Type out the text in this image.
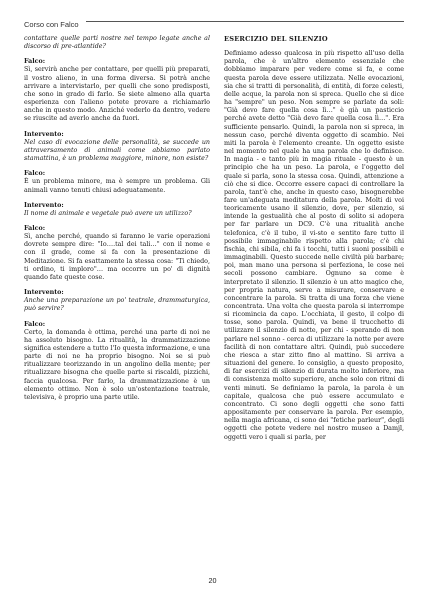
Corso con Falco

contattare quelle parti nostre nel tempo legate anche al discorso di pre-atlantide?

Falco:

Sì, servirà anche per contattare, per quelli più preparati, il vostro alieno, in una forma diversa. Si potrà anche arrivare a intervistarlo, per quelli che sono predisposti, che sono in grado di farlo. Se siete almeno alla quarta esperienza con l'alieno potete provare a richiamarlo anche in questo modo. Anziché vederlo da dentro, vedere se riuscite ad averlo anche da fuori.

Intervento:

Nel caso di evocazione delle personalità, se succede un attraversamento di animali come abbiamo parlato stamattina, è un problema maggiore, minore, non esiste?

Falco:

È un problema minore, ma è sempre un problema. Gli animali vanno tenuti chiusi adeguatamente.

Intervento:

Il nome di animale e vegetale può avere un utilizzo?

Falco:

Sì, anche perché, quando si faranno le varie operazioni dovrete sempre dire: "Io….tal dei tali…" con il nome e con il grade, come si fa con la presentazione di Meditazione. Si fa esattamente la stessa cosa: "Ti chiedo, ti ordino, ti imploro"… ma occorre un po' di dignità quando fate queste cose.

Intervento:

Anche una preparazione un po' teatrale, drammaturgica, può servire?

Falco:

Certo, la domanda è ottima, perché una parte di noi ne ha assoluto bisogno. La ritualità, la drammatizzazione significa estendere a tutto l'Io questa informazione, e una parte di noi ne ha proprio bisogno. Noi se si può ritualizzare teorizzando in un angolino della mente; per ritualizzare bisogna che quelle parte si riscaldi, pizzichi, faccia qualcosa. Per farlo, la drammatizzazione è un elemento ottimo. Non è solo un'ostentazione teatrale, televisiva, è proprio una parte utile.

ESERCIZIO DEL SILENZIO

Definiamo adesso qualcosa in più rispetto all'uso della parola, che è un'altro elemento essenziale che dobbiamo imparare per vedere come si fa, e come questa parola deve essere utilizzata. Nelle evocazioni, sia che si tratti di personalità, di entità, di forze celesti, delle acque, la parola non si spreca. Quello che si dice ha "sempre" un peso. Non sempre se parlate da soli: "Già devo fare quella cosa lì…" è già un pasticcio perché avete detto "Già devo fare quella cosa lì…". Era sufficiente pensarlo. Quindi, la parola non si spreca, in nessun caso, perché diventa oggetto di scambio. Nei miti la parola è l'elemento creante. Un oggetto esiste nel momento nel quale ha una parola che lo definisce. In magia - e tanto più in magia rituale - questo è un principio che ha un peso. La parola, e l'oggetto del quale si parla, sono la stessa cosa. Quindi, attenzione a ciò che si dice. Occorre essere capaci di controllare la parola, tant'è che, anche in questo caso, bisognerebbe fare un'adeguata meditatura della parola. Molti di voi teoricamente usano il silenzio, dove, per silenzio, si intende la gestualità che al posto di solito si adopera per far parlare un DC9. C'è una ritualità anche telefonica, c'è il tubo, il vi-sto e sentito fare tutto il possibile immaginabile rispetto alla parola; c'è chi fischia, chi sibila, chi fa i tocchi, tutti i suoni possibili e immaginabili. Questo succede nelle civiltà più barbare; poi, man mano una persona si perfeziona, le cose nei secoli possono cambiare. Ognuno sa come è interpretato il silenzio. Il silenzio è un atto magico che, per propria natura, serve a misurare, conservare e concentrare la parola. Si tratta di una forza che viene concentrata. Una volta che questa parola si interrompe si ricomincia da capo. L'occhiata, il gesto, il colpo di tosse, sono parola. Quindi, va bene il trucchetto di utilizzare il silenzio di notte, per chi - sperando di non parlare nel sonno - cerca di utilizzare la notte per avere facilità di non contattare altri. Quindi, può succedere che riesca a star zitto fino al mattino. Si arriva a situazioni del genere. Io consiglio, a questo proposito, di far esercizi di silenzio di durata molto inferiore, ma di consistenza molto superiore, anche solo con ritmi di venti minuti. Se definiamo la parola, la parola è un capitale, qualcosa che può essere accumulato e concentrato. Ci sono degli oggetti che sono fatti appositamente per conservare la parola. Per esempio, nella magia africana, ci sono dei "fetiche parleur", degli oggetti che potete vedere nel nostro museo a Damjl, oggetti vero i quali si parla, per

20
